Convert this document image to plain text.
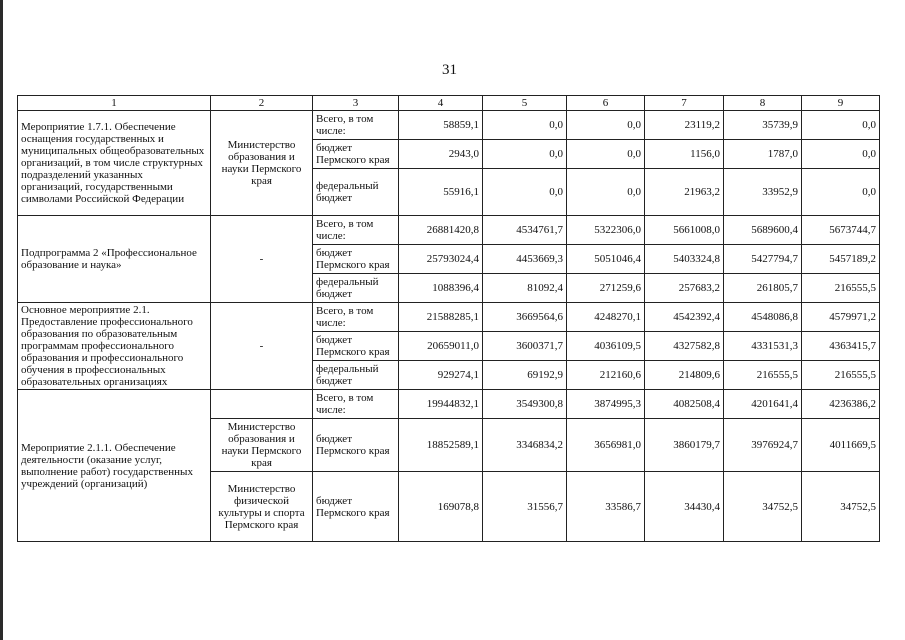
31
1	2	3	4	5	6	7	8	9
Мероприятие 1.7.1. Обеспечение оснащения государственных и муниципальных общеобразовательных организаций, в том числе структурных подразделений указанных организаций, государственными символами Российской Федерации	Министерство образования и науки Пермского края	Всего, в том числе:	58859,1	0,0	0,0	23119,2	35739,9	0,0
		бюджет Пермского края	2943,0	0,0	0,0	1156,0	1787,0	0,0
		федеральный бюджет	55916,1	0,0	0,0	21963,2	33952,9	0,0
Подпрограмма 2 «Профессиональное образование и наука»	-	Всего, в том числе:	26881420,8	4534761,7	5322306,0	5661008,0	5689600,4	5673744,7
		бюджет Пермского края	25793024,4	4453669,3	5051046,4	5403324,8	5427794,7	5457189,2
		федеральный бюджет	1088396,4	81092,4	271259,6	257683,2	261805,7	216555,5
Основное мероприятие 2.1. Предоставление профессионального образования по образовательным программам профессионального образования и профессионального обучения в профессиональных образовательных организациях	-	Всего, в том числе:	21588285,1	3669564,6	4248270,1	4542392,4	4548086,8	4579971,2
		бюджет Пермского края	20659011,0	3600371,7	4036109,5	4327582,8	4331531,3	4363415,7
		федеральный бюджет	929274,1	69192,9	212160,6	214809,6	216555,5	216555,5
Мероприятие 2.1.1. Обеспечение деятельности (оказание услуг, выполнение работ) государственных учреждений (организаций)		Всего, в том числе:	19944832,1	3549300,8	3874995,3	4082508,4	4201641,4	4236386,2
	Министерство образования и науки Пермского края	бюджет Пермского края	18852589,1	3346834,2	3656981,0	3860179,7	3976924,7	4011669,5
	Министерство физической культуры и спорта Пермского края	бюджет Пермского края	169078,8	31556,7	33586,7	34430,4	34752,5	34752,5
